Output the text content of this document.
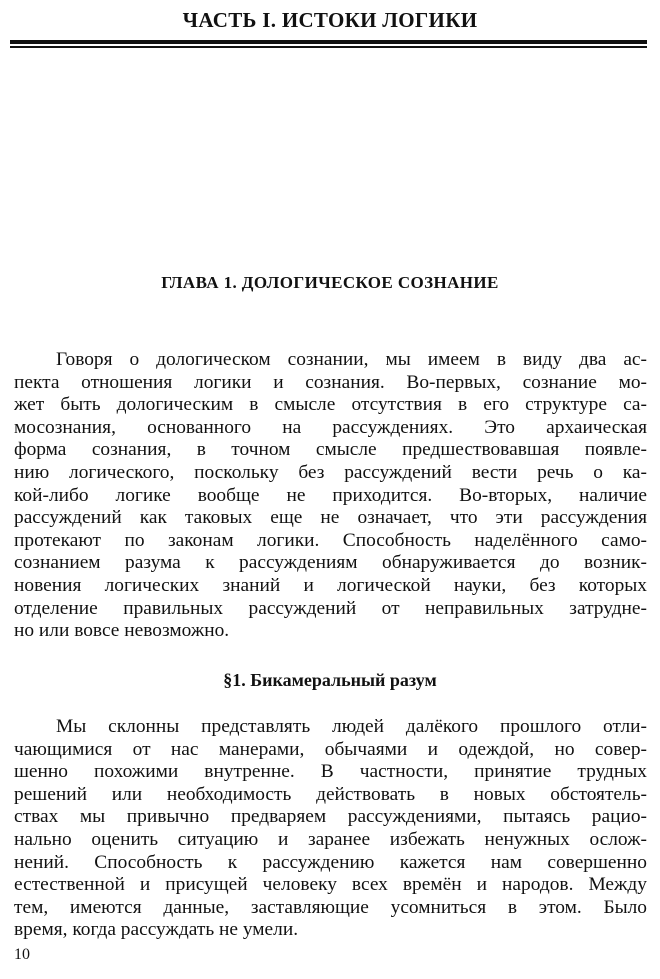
ЧАСТЬ I. ИСТОКИ ЛОГИКИ
ГЛАВА 1. ДОЛОГИЧЕСКОЕ СОЗНАНИЕ
Говоря о дологическом сознании, мы имеем в виду два ас-
пекта отношения логики и сознания. Во-первых, сознание мо-
жет быть дологическим в смысле отсутствия в его структуре са-
мосознания, основанного на рассуждениях. Это архаическая
форма сознания, в точном смысле предшествовавшая появле-
нию логического, поскольку без рассуждений вести речь о ка-
кой-либо логике вообще не приходится. Во-вторых, наличие
рассуждений как таковых еще не означает, что эти рассуждения
протекают по законам логики. Способность наделённого само-
сознанием разума к рассуждениям обнаруживается до возник-
новения логических знаний и логической науки, без которых
отделение правильных рассуждений от неправильных затрудне-
но или вовсе невозможно.
§1. Бикамеральный разум
Мы склонны представлять людей далёкого прошлого отли-
чающимися от нас манерами, обычаями и одеждой, но совер-
шенно похожими внутренне. В частности, принятие трудных
решений или необходимость действовать в новых обстоятель-
ствах мы привычно предваряем рассуждениями, пытаясь рацио-
нально оценить ситуацию и заранее избежать ненужных ослож-
нений. Способность к рассуждению кажется нам совершенно
естественной и присущей человеку всех времён и народов. Между
тем, имеются данные, заставляющие усомниться в этом. Было
время, когда рассуждать не умели.
10
